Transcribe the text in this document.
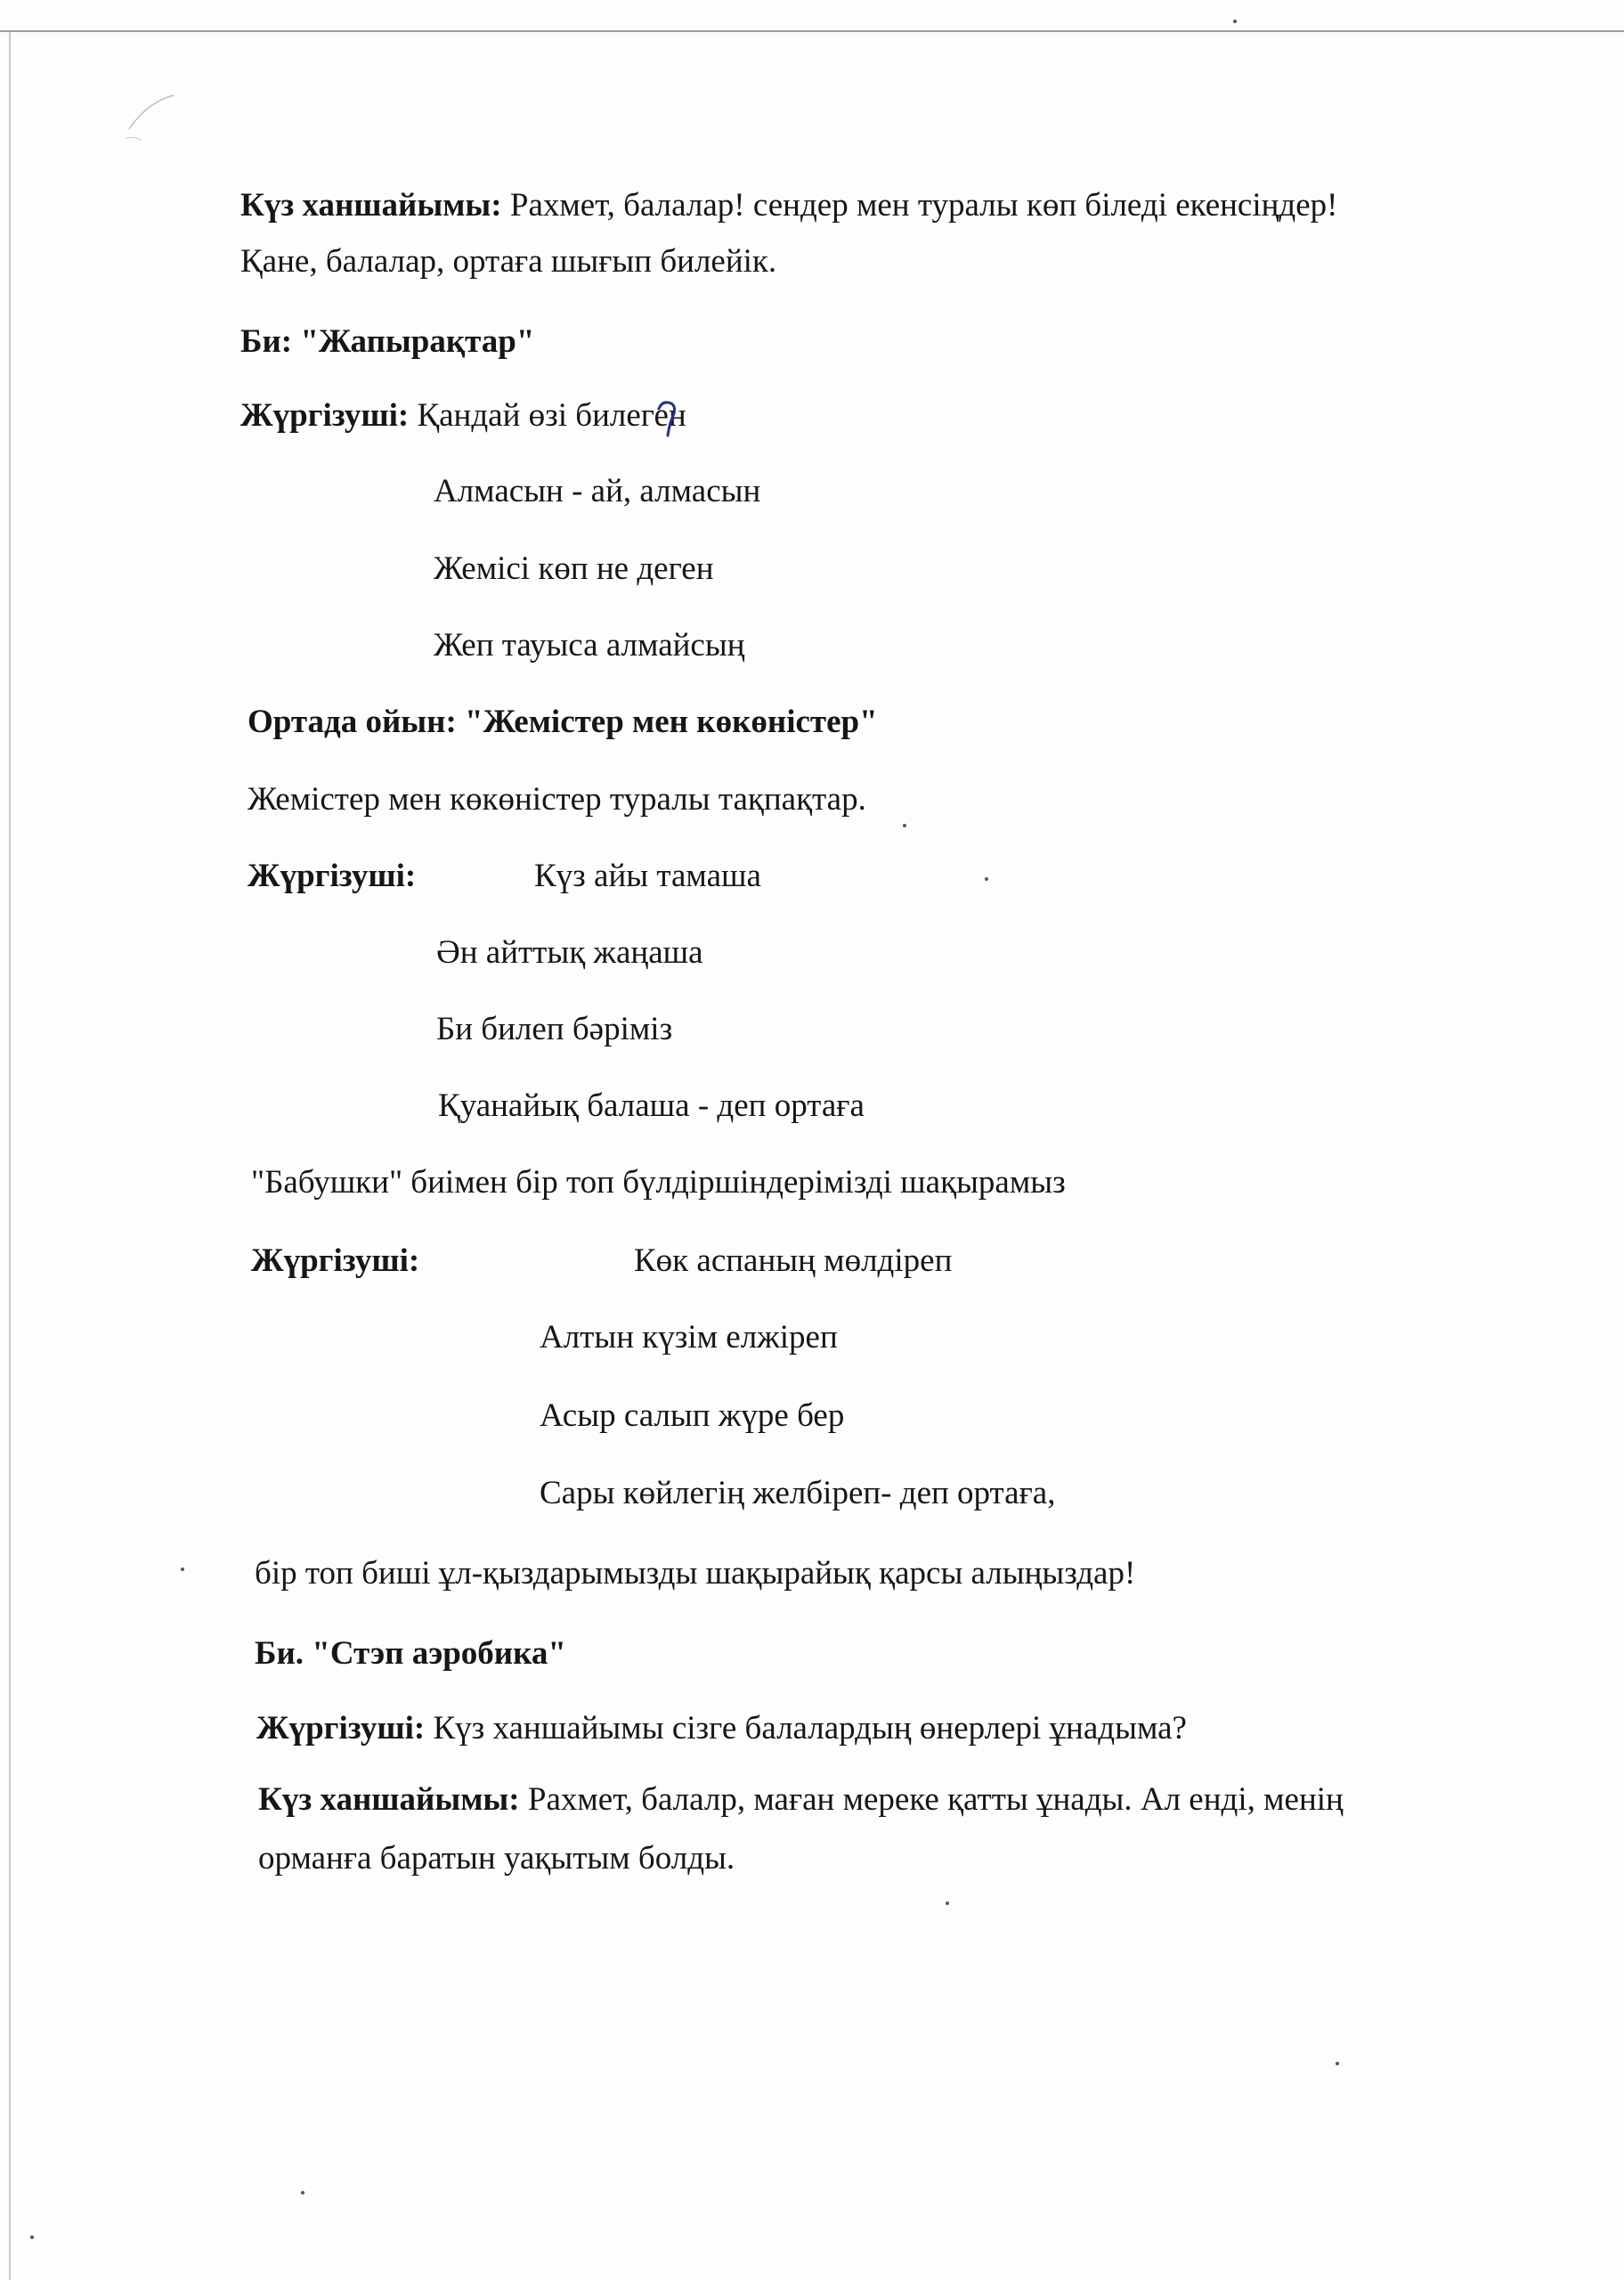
Күз ханшайымы: Рахмет, балалар! сендер мен туралы көп біледі екенсіңдер!
Қане, балалар, ортаға шығып билейік.
Би: "Жапырақтар"
Жүргізуші: Қандай өзі билеген
Алмасын - ай, алмасын
Жемісі көп не деген
Жеп тауыса алмайсың
Ортада ойын: "Жемістер мен көкөністер"
Жемістер мен көкөністер туралы тақпақтар.
Жүргізуші:	Күз айы тамаша
Ән айттық жаңаша
Би билеп бәріміз
Қуанайық балаша - деп ортаға
"Бабушки" биімен бір топ бүлдіршіндерімізді шақырамыз
Жүргізуші:	Көк аспаның мөлдіреп
Алтын күзім елжіреп
Асыр салып жүре бер
Сары көйлегің желбіреп- деп ортаға,
бір топ биші ұл-қыздарымызды шақырайық қарсы алыңыздар!
Би. "Стэп аэробика"
Жүргізуші: Күз ханшайымы сізге балалардың өнерлері ұнадыма?
Күз ханшайымы: Рахмет, балалр, маған мереке қатты ұнады. Ал енді, менің
орманға баратын уақытым болды.
